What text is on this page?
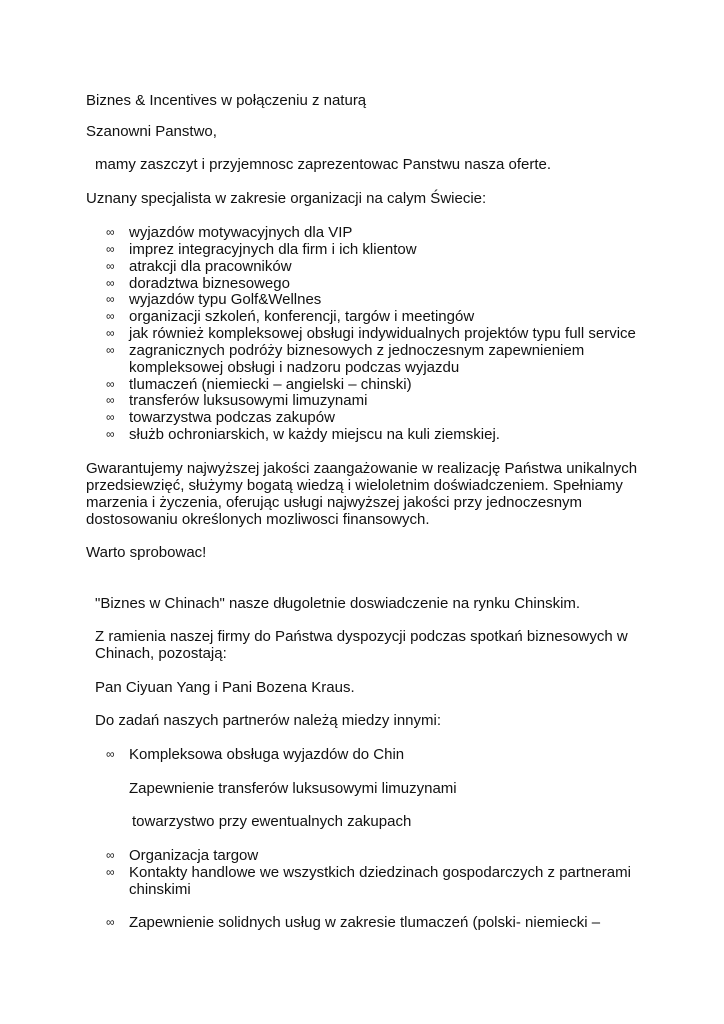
Biznes & Incentives w połączeniu z naturą
Szanowni Panstwo,
mamy zaszczyt i przyjemnosc zaprezentowac Panstwu nasza oferte.
Uznany specjalista w zakresie organizacji na calym Świecie:
∞ wyjazdów motywacyjnych dla VIP
∞ imprez integracyjnych dla firm i ich klientow
∞ atrakcji dla pracowników
∞ doradztwa biznesowego
∞ wyjazdów typu Golf&Wellnes
∞ organizacji szkoleń, konferencji, targów i meetingów
∞ jak również kompleksowej obsługi indywidualnych projektów typu full service
∞ zagranicznych podróży biznesowych z jednoczesnym zapewnieniem
kompleksowej obsługi i nadzoru podczas wyjazdu
∞ tlumaczeń (niemiecki – angielski – chinski)
∞ transferów luksusowymi limuzynami
∞ towarzystwa podczas zakupów
∞ służb ochroniarskich, w każdy miejscu na kuli ziemskiej.
Gwarantujemy najwyższej jakości zaangażowanie w realizację Państwa unikalnych
przedsiewzięć, służymy bogatą wiedzą i wieloletnim doświadczeniem. Spełniamy
marzenia i życzenia, oferując usługi najwyższej jakości przy jednoczesnym
dostosowaniu określonych mozliwosci finansowych.
Warto sprobowac!
"Biznes w Chinach" nasze długoletnie doswiadczenie na rynku Chinskim.
Z ramienia naszej firmy do Państwa dyspozycji podczas spotkań biznesowych w
Chinach, pozostają:
Pan Ciyuan Yang i Pani Bozena Kraus.
Do zadań naszych partnerów należą miedzy innymi:
∞ Kompleksowa obsługa wyjazdów do Chin
Zapewnienie transferów luksusowymi limuzynami
towarzystwo przy ewentualnych zakupach
∞ Organizacja targow
∞ Kontakty handlowe we wszystkich dziedzinach gospodarczych z partnerami
chinskimi
∞ Zapewnienie solidnych usług w zakresie tlumaczeń (polski- niemiecki –
